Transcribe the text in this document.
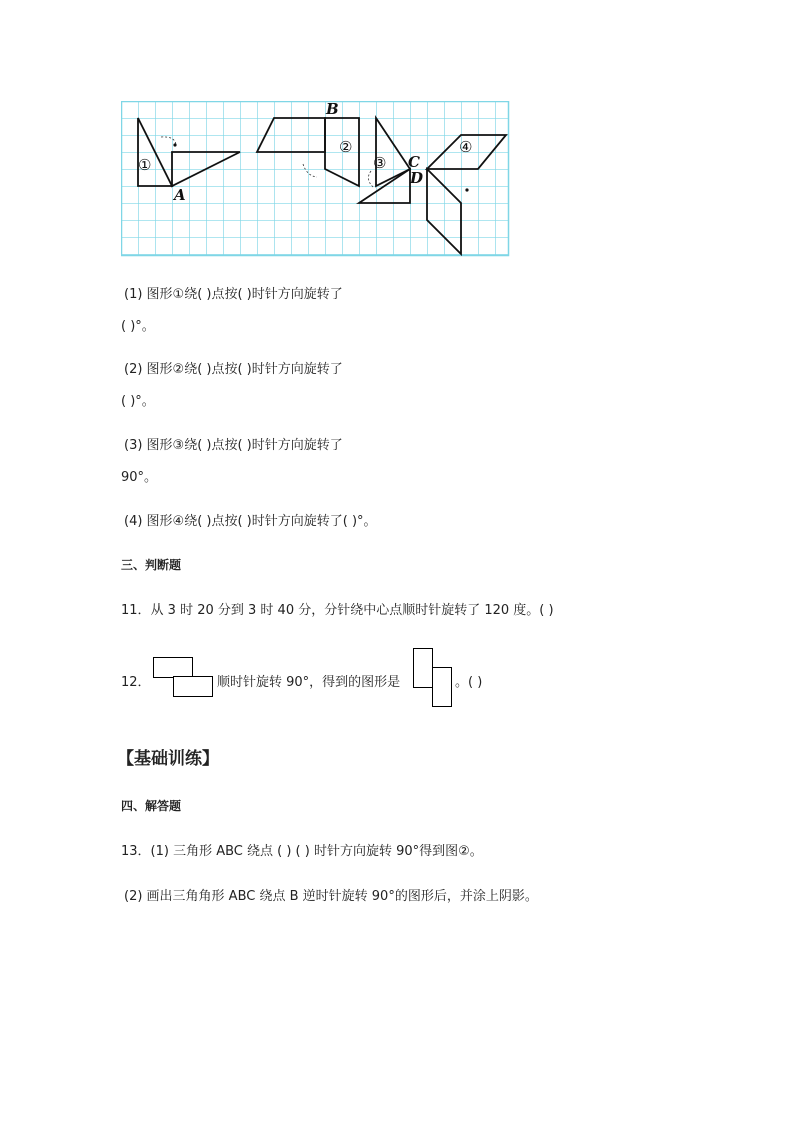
B
A
C
D
①
②
③
④
(1) 图形①绕( )点按( )时针方向旋转了
( )°。
(2) 图形②绕( )点按( )时针方向旋转了
( )°。
(3) 图形③绕( )点按( )时针方向旋转了
90°。
(4) 图形④绕( )点按( )时针方向旋转了( )°。
三、判断题
11．从 3 时 20 分到 3 时 40 分，分针绕中心点顺时针旋转了 120 度。( )
12．	顺时针旋转 90°，得到的图形是	。( )
【基础训练】
四、解答题
13．(1) 三角形 ABC 绕点 ( ) ( ) 时针方向旋转 90°得到图②。
(2) 画出三角角形 ABC 绕点 B 逆时针旋转 90°的图形后，并涂上阴影。
